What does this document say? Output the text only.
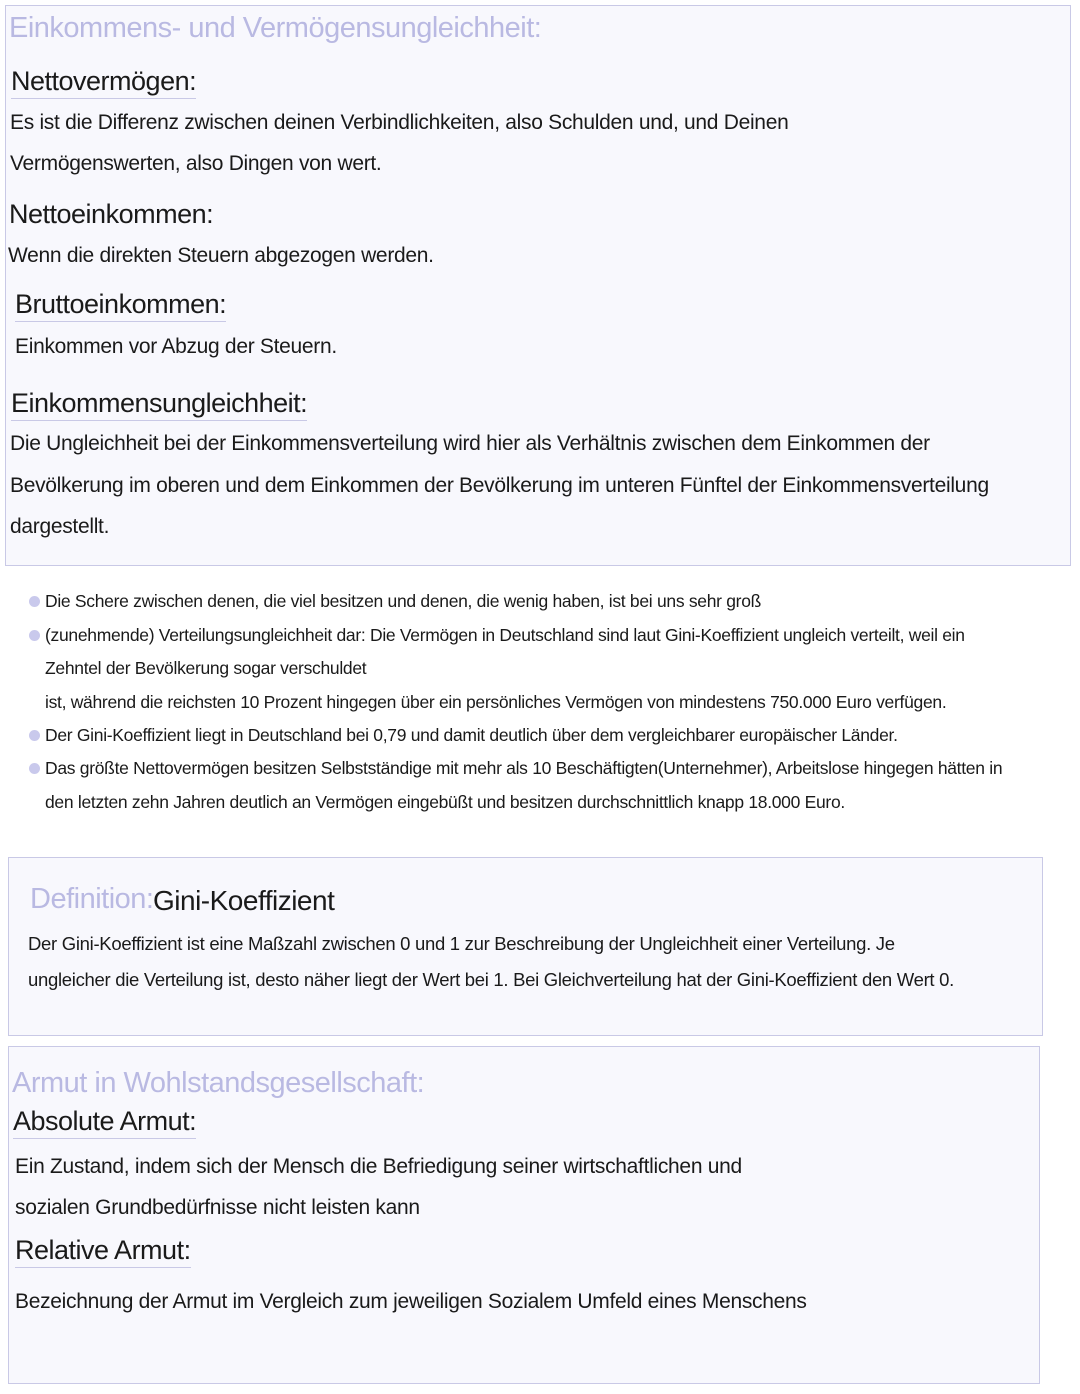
Einkommens- und Vermögensungleichheit:
Nettovermögen:
Es ist die Differenz zwischen deinen Verbindlichkeiten, also Schulden und, und Deinen
Vermögenswerten, also Dingen von wert.
Nettoeinkommen:
Wenn die direkten Steuern abgezogen werden.
Bruttoeinkommen:
Einkommen vor Abzug der Steuern.
Einkommensungleichheit:
Die Ungleichheit bei der Einkommensverteilung wird hier als Verhältnis zwischen dem Einkommen der
Bevölkerung im oberen und dem Einkommen der Bevölkerung im unteren Fünftel der Einkommensverteilung
dargestellt.
Die Schere zwischen denen, die viel besitzen und denen, die wenig haben, ist bei uns sehr groß
(zunehmende) Verteilungsungleichheit dar: Die Vermögen in Deutschland sind laut Gini-Koeffizient ungleich verteilt, weil ein
Zehntel der Bevölkerung sogar verschuldet
ist, während die reichsten 10 Prozent hingegen über ein persönliches Vermögen von mindestens 750.000 Euro verfügen.
Der Gini-Koeffizient liegt in Deutschland bei 0,79 und damit deutlich über dem vergleichbarer europäischer Länder.
Das größte Nettovermögen besitzen Selbstständige mit mehr als 10 Beschäftigten(Unternehmer), Arbeitslose hingegen hätten in
den letzten zehn Jahren deutlich an Vermögen eingebüßt und besitzen durchschnittlich knapp 18.000 Euro.
Definition: Gini-Koeffizient
Der Gini-Koeffizient ist eine Maßzahl zwischen 0 und 1 zur Beschreibung der Ungleichheit einer Verteilung. Je
ungleicher die Verteilung ist, desto näher liegt der Wert bei 1. Bei Gleichverteilung hat der Gini-Koeffizient den Wert 0.
Armut in Wohlstandsgesellschaft:
Absolute Armut:
Ein Zustand, indem sich der Mensch die Befriedigung seiner wirtschaftlichen und
sozialen Grundbedürfnisse nicht leisten kann
Relative Armut:
Bezeichnung der Armut im Vergleich zum jeweiligen Sozialem Umfeld eines Menschens
